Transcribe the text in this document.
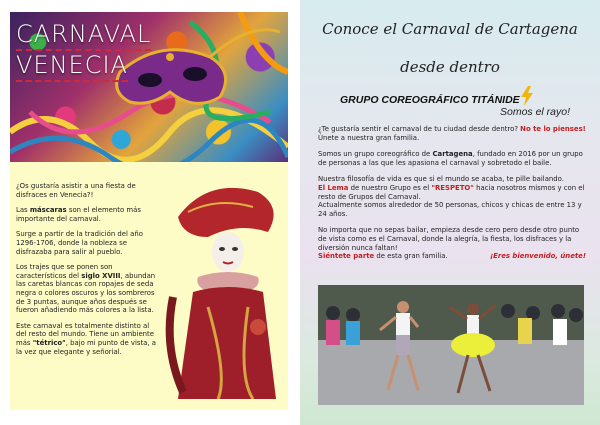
CARNAVAL
VENECIA

¿Os gustaría asistir a una fiesta de disfraces en Venecia?!

Las máscaras son el elemento más importante del carnaval.

Surge a partir de la tradición del año 1296-1706, donde la nobleza se disfrazaba para salir al pueblo.

Los trajes que se ponen son característicos del siglo XVIII, abundan las caretas blancas con ropajes de seda negra o colores oscuros y los sombreros de 3 puntas, aunque años después se fueron añadiendo más colores a la lista.

Este carnaval es totalmente distinto al del resto del mundo. Tiene un ambiente más "tétrico", bajo mi punto de vista, a la vez que elegante y señorial.

Conoce el Carnaval de Cartagena

desde dentro

GRUPO COREOGRÁFICO TITÁNIDE

Somos el rayo!

¿Te gustaría sentir el carnaval de tu ciudad desde dentro? No te lo pienses! Únete a nuestra gran familia.

Somos un grupo coreográfico de Cartagena, fundado en 2016 por un grupo de personas a las que les apasiona el carnaval y sobretodo el baile.

Nuestra filosofía de vida es que si el mundo se acaba, te pille bailando.
El Lema de nuestro Grupo es el "RESPETO" hacia nosotros mismos y con el resto de Grupos del Carnaval.
Actualmente somos alrededor de 50 personas, chicos y chicas de entre 13 y 24 años.

No importa que no sepas bailar, empieza desde cero pero desde otro punto de vista como es el Carnaval, donde la alegría, la fiesta, los disfraces y la diversión nunca faltan!

Siéntete parte de esta gran familia.	¡Eres bienvenido, únete!
